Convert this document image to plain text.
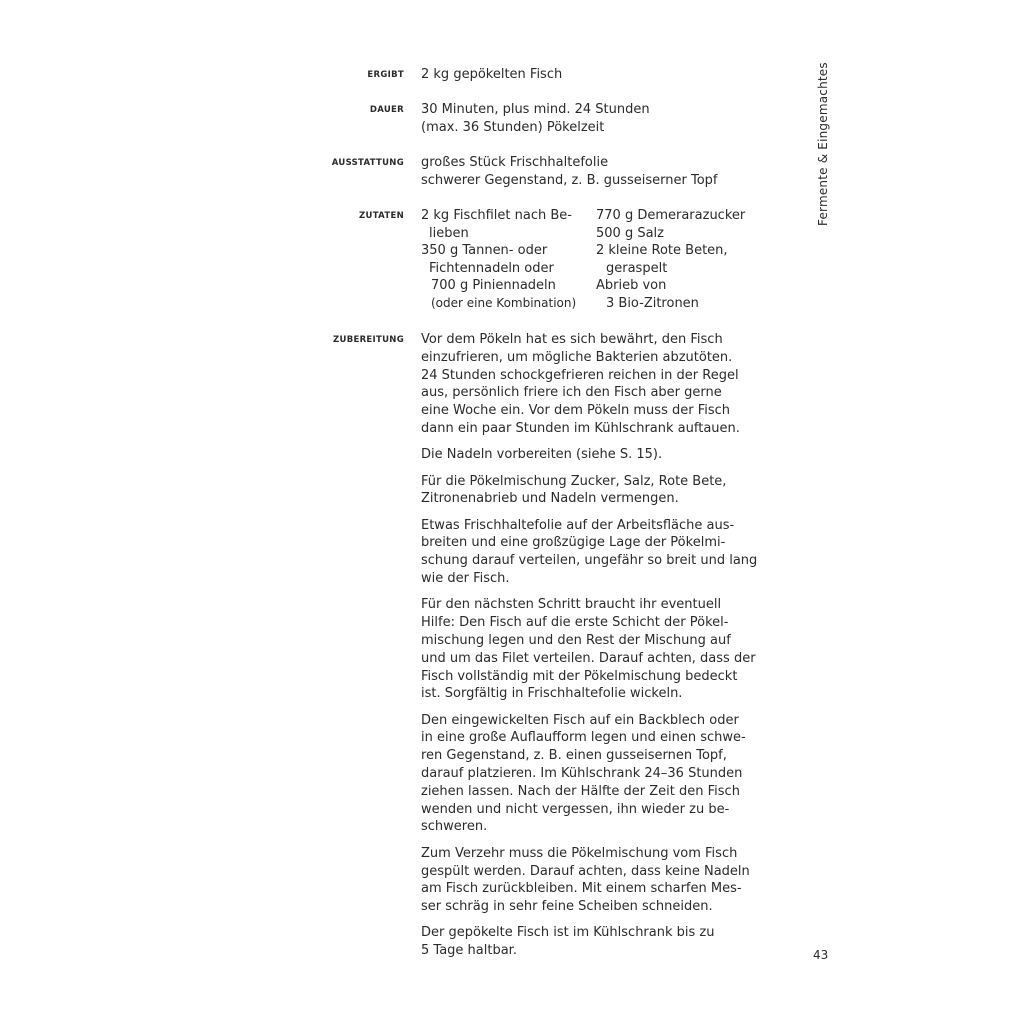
Fermente & Eingemachtes
ERGIBT 2 kg gepökelten Fisch
DAUER 30 Minuten, plus mind. 24 Stunden
(max. 36 Stunden) Pökelzeit
AUSSTATTUNG großes Stück Frischhaltefolie
schwerer Gegenstand, z. B. gusseiserner Topf
ZUTATEN 2 kg Fischfilet nach Be-
lieben
350 g Tannen- oder
Fichtennadeln oder
700 g Piniennadeln
(oder eine Kombination)
770 g Demerarazucker
500 g Salz
2 kleine Rote Beten,
geraspelt
Abrieb von
3 Bio-Zitronen
ZUBEREITUNG Vor dem Pökeln hat es sich bewährt, den Fisch
einzufrieren, um mögliche Bakterien abzutöten.
24 Stunden schockgefrieren reichen in der Regel
aus, persönlich friere ich den Fisch aber gerne
eine Woche ein. Vor dem Pökeln muss der Fisch
dann ein paar Stunden im Kühlschrank auftauen.
Die Nadeln vorbereiten (siehe S. 15).
Für die Pökelmischung Zucker, Salz, Rote Bete,
Zitronenabrieb und Nadeln vermengen.
Etwas Frischhaltefolie auf der Arbeitsfläche aus-
breiten und eine großzügige Lage der Pökelmi-
schung darauf verteilen, ungefähr so breit und lang
wie der Fisch.
Für den nächsten Schritt braucht ihr eventuell
Hilfe: Den Fisch auf die erste Schicht der Pökel-
mischung legen und den Rest der Mischung auf
und um das Filet verteilen. Darauf achten, dass der
Fisch vollständig mit der Pökelmischung bedeckt
ist. Sorgfältig in Frischhaltefolie wickeln.
Den eingewickelten Fisch auf ein Backblech oder
in eine große Auflaufform legen und einen schwe-
ren Gegenstand, z. B. einen gusseisernen Topf,
darauf platzieren. Im Kühlschrank 24–36 Stunden
ziehen lassen. Nach der Hälfte der Zeit den Fisch
wenden und nicht vergessen, ihn wieder zu be-
schweren.
Zum Verzehr muss die Pökelmischung vom Fisch
gespült werden. Darauf achten, dass keine Nadeln
am Fisch zurückbleiben. Mit einem scharfen Mes-
ser schräg in sehr feine Scheiben schneiden.
Der gepökelte Fisch ist im Kühlschrank bis zu
5 Tage haltbar.	43
